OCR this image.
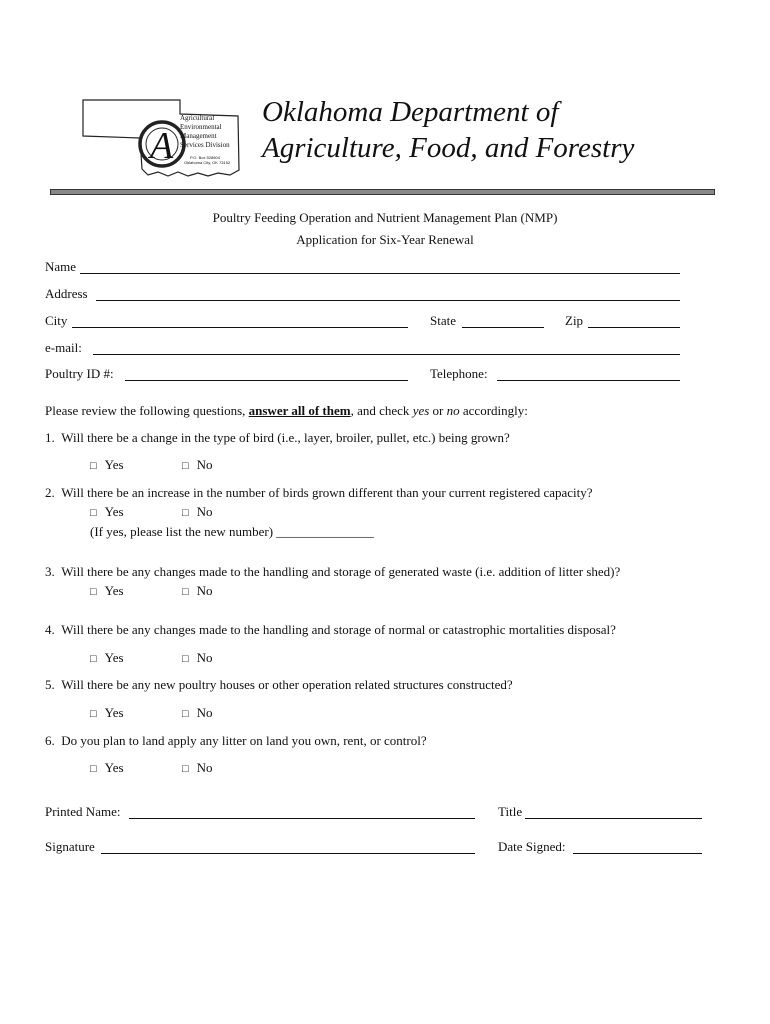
A
Agricultural
Environmental
Management
Services Division
P.O. Box 528804
Oklahoma City, OK 73152
Oklahoma Department of
Agriculture, Food, and Forestry
Poultry Feeding Operation and Nutrient Management Plan (NMP)
Application for Six-Year Renewal
Name
Address
City	State	Zip
e-mail:
Poultry ID #:	Telephone:
Please review the following questions, answer all of them, and check yes or no accordingly:
1. Will there be a change in the type of bird (i.e., layer, broiler, pullet, etc.) being grown?
□ Yes	□ No
2. Will there be an increase in the number of birds grown different than your current registered capacity?
□ Yes	□ No
(If yes, please list the new number) _______________
3. Will there be any changes made to the handling and storage of generated waste (i.e. addition of litter shed)?
□ Yes	□ No
4. Will there be any changes made to the handling and storage of normal or catastrophic mortalities disposal?
□ Yes	□ No
5. Will there be any new poultry houses or other operation related structures constructed?
□ Yes	□ No
6. Do you plan to land apply any litter on land you own, rent, or control?
□ Yes	□ No
Printed Name:	Title
Signature	Date Signed:
